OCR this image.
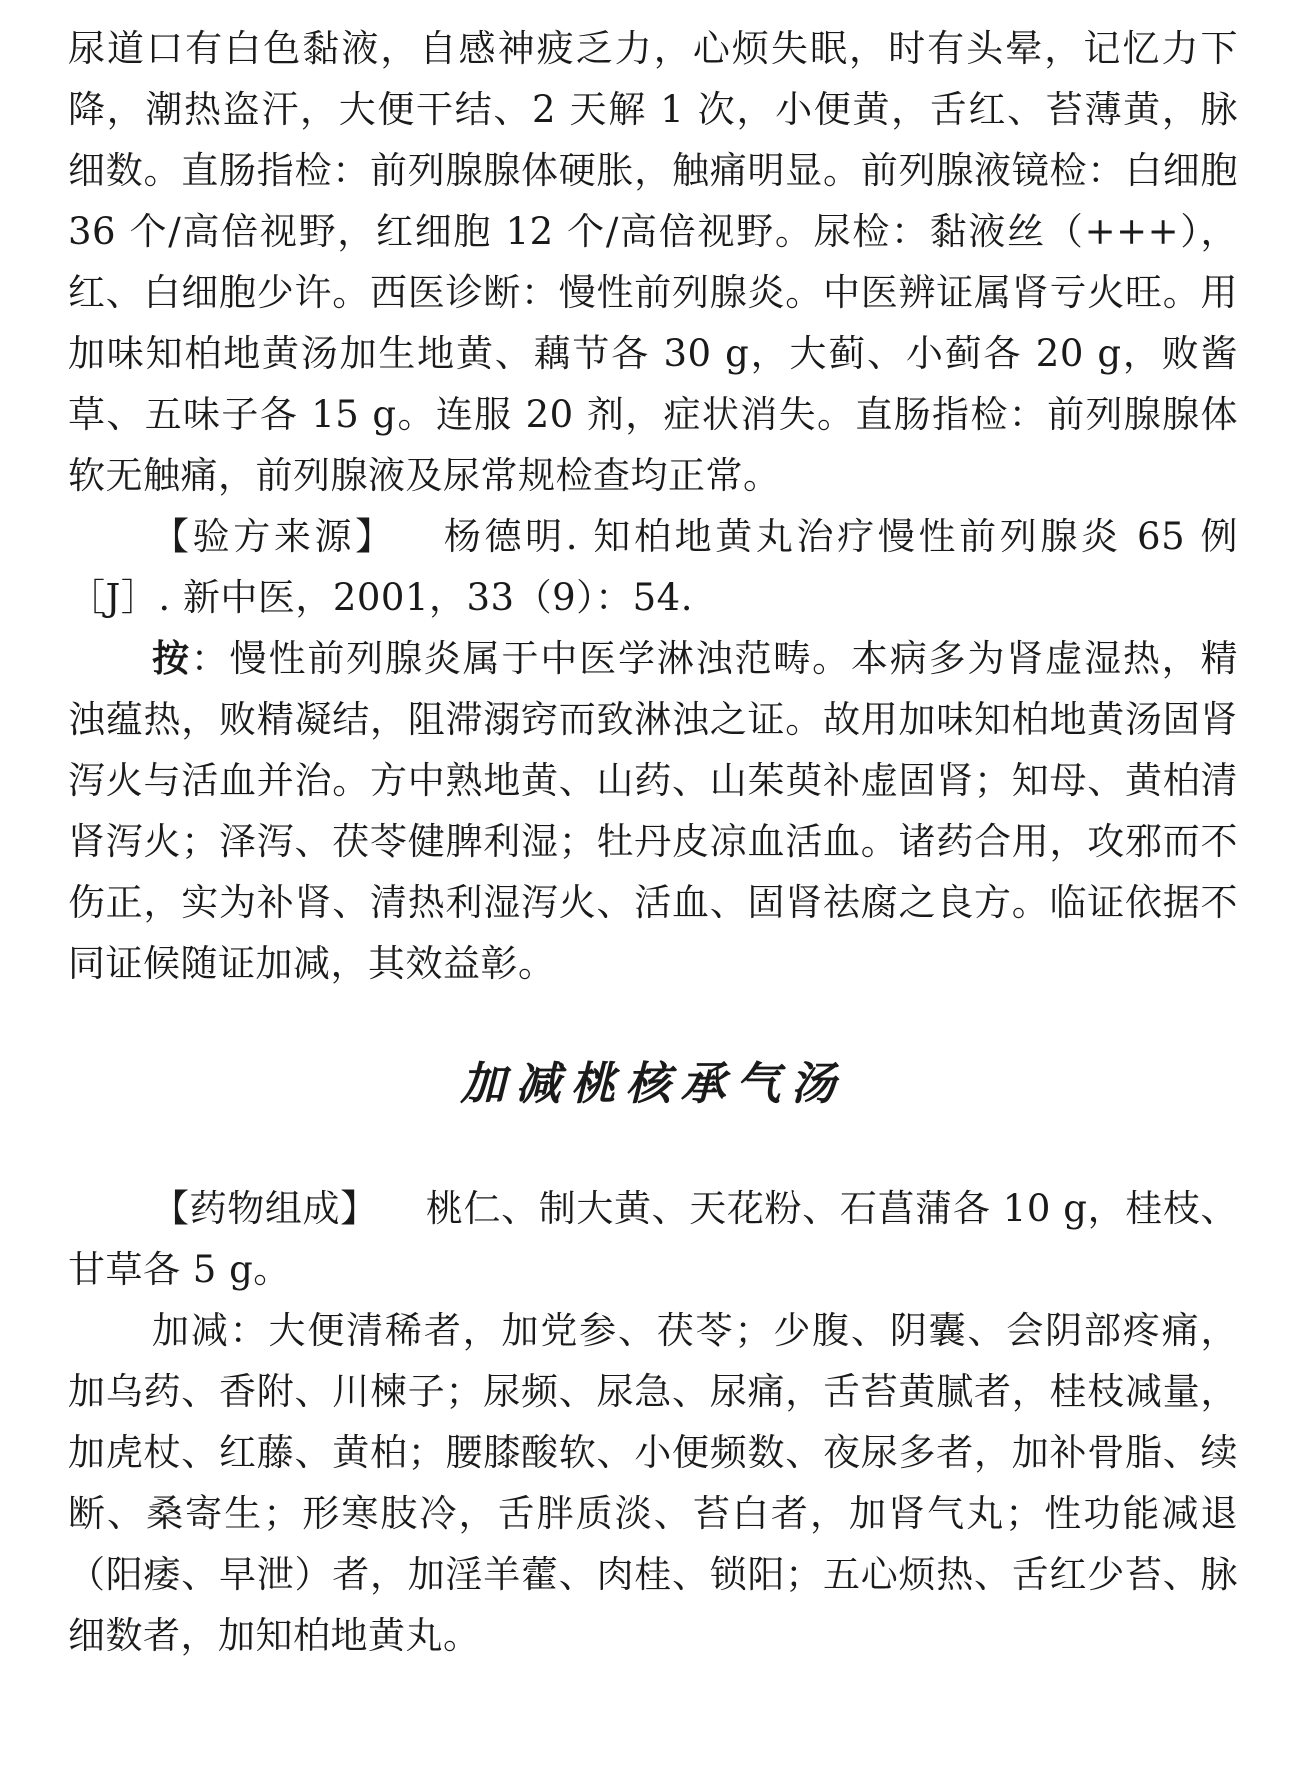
尿道口有白色黏液，自感神疲乏力，心烦失眠，时有头晕，记忆力下降，潮热盗汗，大便干结、2 天解 1 次，小便黄，舌红、苔薄黄，脉细数。直肠指检：前列腺腺体硬胀，触痛明显。前列腺液镜检：白细胞 36 个/高倍视野，红细胞 12 个/高倍视野。尿检：黏液丝（+++），红、白细胞少许。西医诊断：慢性前列腺炎。中医辨证属肾亏火旺。用加味知柏地黄汤加生地黄、藕节各 30 g，大蓟、小蓟各 20 g，败酱草、五味子各 15 g。连服 20 剂，症状消失。直肠指检：前列腺腺体软无触痛，前列腺液及尿常规检查均正常。

【验方来源】 杨德明. 知柏地黄丸治疗慢性前列腺炎 65 例［J］. 新中医，2001，33（9）：54.

按：慢性前列腺炎属于中医学淋浊范畴。本病多为肾虚湿热，精浊蕴热，败精凝结，阻滞溺窍而致淋浊之证。故用加味知柏地黄汤固肾泻火与活血并治。方中熟地黄、山药、山茱萸补虚固肾；知母、黄柏清肾泻火；泽泻、茯苓健脾利湿；牡丹皮凉血活血。诸药合用，攻邪而不伤正，实为补肾、清热利湿泻火、活血、固肾祛腐之良方。临证依据不同证候随证加减，其效益彰。

加减桃核承气汤

【药物组成】 桃仁、制大黄、天花粉、石菖蒲各 10 g，桂枝、甘草各 5 g。

加减：大便清稀者，加党参、茯苓；少腹、阴囊、会阴部疼痛，加乌药、香附、川楝子；尿频、尿急、尿痛，舌苔黄腻者，桂枝减量，加虎杖、红藤、黄柏；腰膝酸软、小便频数、夜尿多者，加补骨脂、续断、桑寄生；形寒肢冷，舌胖质淡、苔白者，加肾气丸；性功能减退（阳痿、早泄）者，加淫羊藿、肉桂、锁阳；五心烦热、舌红少苔、脉细数者，加知柏地黄丸。
